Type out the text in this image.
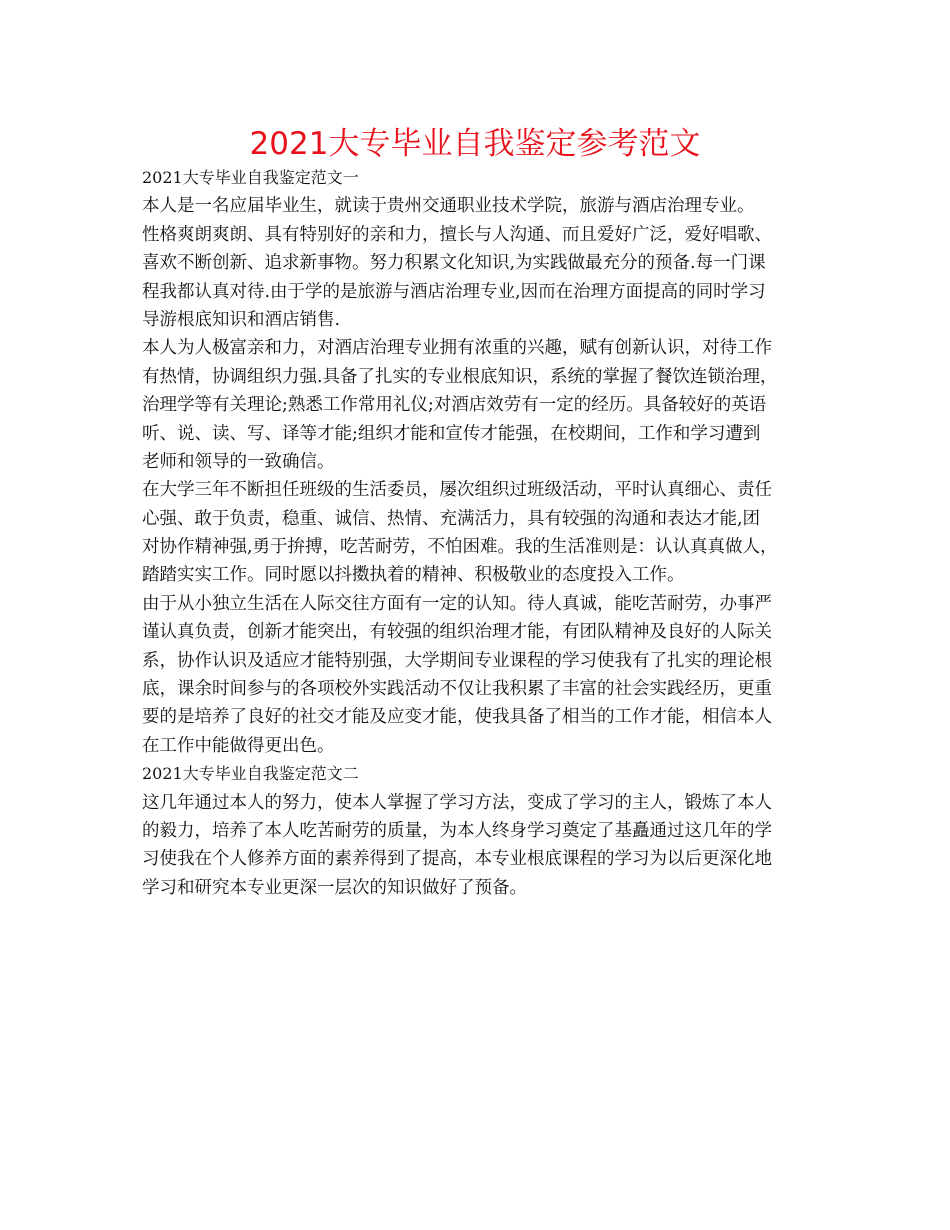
2021大专毕业自我鉴定参考范文
2021大专毕业自我鉴定范文一
本人是一名应届毕业生，就读于贵州交通职业技术学院，旅游与酒店治理专业。
性格爽朗爽朗、具有特别好的亲和力，擅长与人沟通、而且爱好广泛，爱好唱歌、
喜欢不断创新、追求新事物。努力积累文化知识,为实践做最充分的预备.每一门课
程我都认真对待.由于学的是旅游与酒店治理专业,因而在治理方面提高的同时学习
导游根底知识和酒店销售.
本人为人极富亲和力，对酒店治理专业拥有浓重的兴趣，赋有创新认识，对待工作
有热情，协调组织力强.具备了扎实的专业根底知识，系统的掌握了餐饮连锁治理，
治理学等有关理论;熟悉工作常用礼仪;对酒店效劳有一定的经历。具备较好的英语
听、说、读、写、译等才能;组织才能和宣传才能强，在校期间，工作和学习遭到
老师和领导的一致确信。
在大学三年不断担任班级的生活委员，屡次组织过班级活动，平时认真细心、责任
心强、敢于负责，稳重、诚信、热情、充满活力，具有较强的沟通和表达才能,团
对协作精神强,勇于拚搏，吃苦耐劳，不怕困难。我的生活准则是：认认真真做人，
踏踏实实工作。同时愿以抖擞执着的精神、积极敬业的态度投入工作。
由于从小独立生活在人际交往方面有一定的认知。待人真诚，能吃苦耐劳，办事严
谨认真负责，创新才能突出，有较强的组织治理才能，有团队精神及良好的人际关
系，协作认识及适应才能特别强，大学期间专业课程的学习使我有了扎实的理论根
底，课余时间参与的各项校外实践活动不仅让我积累了丰富的社会实践经历，更重
要的是培养了良好的社交才能及应变才能，使我具备了相当的工作才能，相信本人
在工作中能做得更出色。
2021大专毕业自我鉴定范文二
这几年通过本人的努力，使本人掌握了学习方法，变成了学习的主人，锻炼了本人
的毅力，培养了本人吃苦耐劳的质量，为本人终身学习奠定了基矗通过这几年的学
习使我在个人修养方面的素养得到了提高，本专业根底课程的学习为以后更深化地
学习和研究本专业更深一层次的知识做好了预备。
